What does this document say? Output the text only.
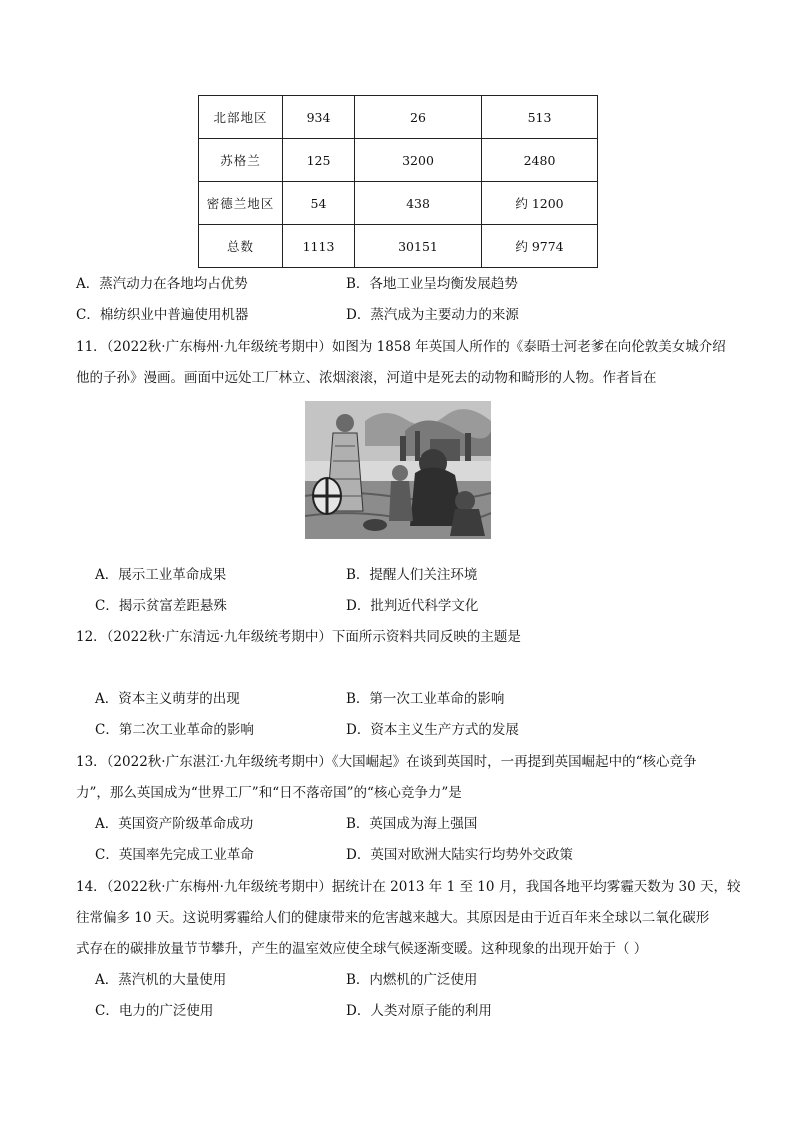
北部地区	934	26	513
苏格兰	125	3200	2480
密德兰地区	54	438	约 1200
总数	1113	30151	约 9774
A．蒸汽动力在各地均占优势	B．各地工业呈均衡发展趋势
C．棉纺织业中普遍使用机器	D．蒸汽成为主要动力的来源
11．（2022秋·广东梅州·九年级统考期中）如图为 1858 年英国人所作的《泰晤士河老爹在向伦敦美女城介绍
他的子孙》漫画。画面中远处工厂林立、浓烟滚滚，河道中是死去的动物和畸形的人物。作者旨在
A．展示工业革命成果	B．提醒人们关注环境
C．揭示贫富差距悬殊	D．批判近代科学文化
12．（2022秋·广东清远·九年级统考期中）下面所示资料共同反映的主题是
A．资本主义萌芽的出现	B．第一次工业革命的影响
C．第二次工业革命的影响	D．资本主义生产方式的发展
13．（2022秋·广东湛江·九年级统考期中）《大国崛起》在谈到英国时，一再提到英国崛起中的“核心竞争
力”，那么英国成为“世界工厂”和“日不落帝国”的“核心竞争力”是
A．英国资产阶级革命成功	B．英国成为海上强国
C．英国率先完成工业革命	D．英国对欧洲大陆实行均势外交政策
14．（2022秋·广东梅州·九年级统考期中）据统计在 2013 年 1 至 10 月，我国各地平均雾霾天数为 30 天，较
往常偏多 10 天。这说明雾霾给人们的健康带来的危害越来越大。其原因是由于近百年来全球以二氧化碳形
式存在的碳排放量节节攀升，产生的温室效应使全球气候逐渐变暖。这种现象的出现开始于（ ）
A．蒸汽机的大量使用	B．内燃机的广泛使用
C．电力的广泛使用	D．人类对原子能的利用
